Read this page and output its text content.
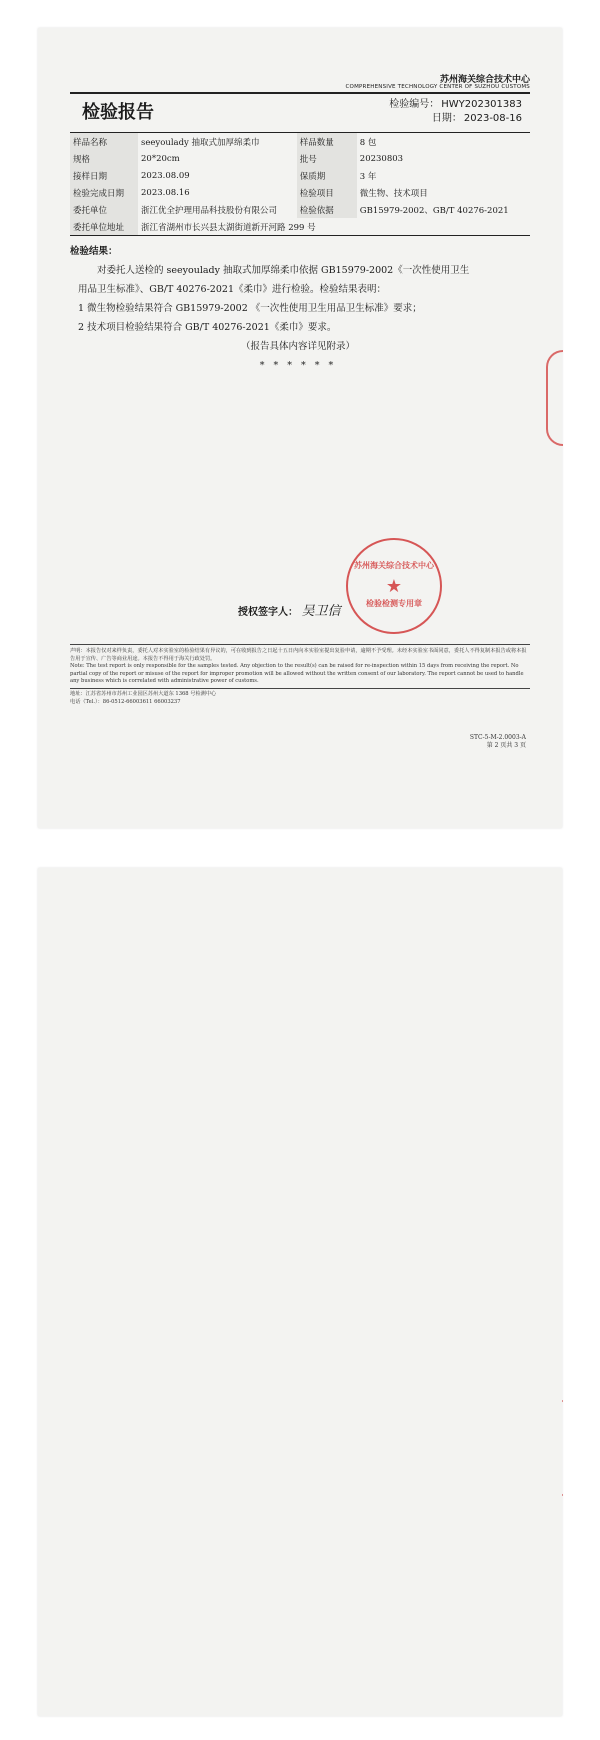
苏州海关综合技术中心
COMPREHENSIVE TECHNOLOGY CENTER OF SUZHOU CUSTOMS
检验报告	检验编号： HWY202301383
日期： 2023-08-16
样品名称	seeyoulady 抽取式加厚绵柔巾	样品数量	8 包
规格	20*20cm	批号	20230803
接样日期	2023.08.09	保质期	3 年
检验完成日期	2023.08.16	检验项目	微生物、技术项目
委托单位	浙江优全护理用品科技股份有限公司	检验依据	GB15979-2002、GB/T 40276-2021
委托单位地址	浙江省湖州市长兴县太湖街道新开河路 299 号		

检验结果：

对委托人送检的 seeyoulady 抽取式加厚绵柔巾依据 GB15979-2002《一次性使用卫生

用品卫生标准》、GB/T 40276-2021《柔巾》进行检验。检验结果表明：

1 微生物检验结果符合 GB15979-2002 《一次性使用卫生用品卫生标准》要求；

2 技术项目检验结果符合 GB/T 40276-2021《柔巾》要求。

（报告具体内容详见附录）

* * * * * *

苏州海关综合技术中心
★
检验检测专用章
授权签字人： 吴卫信
声明：本报告仅对来样负责，委托人对本实验室的检验结果有异议的，可在收到报告之日起十五日内向本实验室提出复验申请，逾期不予受理。未经本实验室书面同意，委托人不得复制本报告或将本报告用于宣传、广告等商业用途。本报告不得用于海关行政处罚。
Note: The test report is only responsible for the samples tested. Any objection to the result(s) can be raised for re-inspection within 15 days from receiving the report. No partial copy of the report or misuse of the report for improper promotion will be allowed without the written consent of our laboratory. The report cannot be used to handle any business which is correlated with administrative power of customs.
地址：江苏省苏州市苏州工业园区苏州大道东 1368 号检测中心
电话（Tel.）：86-0512-66003611 66003237
STC-5-M-2.0003-A
第 2 页共 3 页
